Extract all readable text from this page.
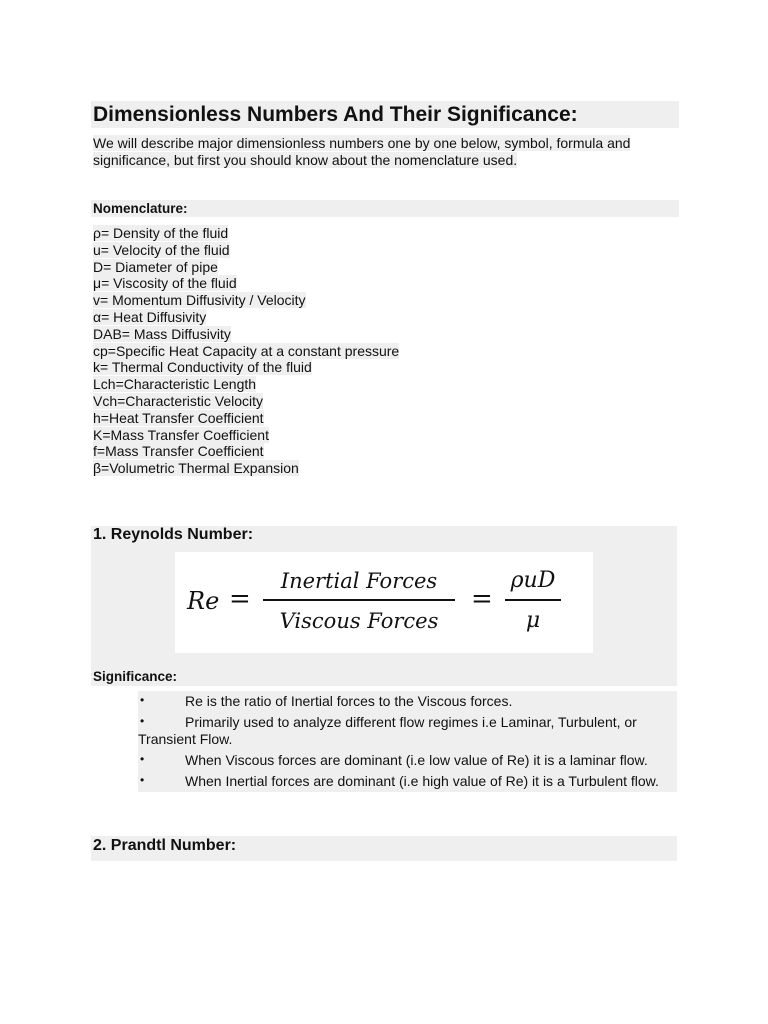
Dimensionless Numbers And Their Significance:
We will describe major dimensionless numbers one by one below, symbol, formula and significance, but first you should know about the nomenclature used.
Nomenclature:
ρ= Density of the fluid
u= Velocity of the fluid
D= Diameter of pipe
μ= Viscosity of the fluid
v= Momentum Diffusivity / Velocity
α= Heat Diffusivity
DAB= Mass Diffusivity
cp=Specific Heat Capacity at a constant pressure
k= Thermal Conductivity of the fluid
Lch=Characteristic Length
Vch=Characteristic Velocity
h=Heat Transfer Coefficient
K=Mass Transfer Coefficient
f=Mass Transfer Coefficient
β=Volumetric Thermal Expansion
1. Reynolds Number:
Re =
Inertial Forces
Viscous Forces
=
ρuD
μ
Significance:
•	Re is the ratio of Inertial forces to the Viscous forces.
•	Primarily used to analyze different flow regimes i.e Laminar, Turbulent, or Transient Flow.
•	When Viscous forces are dominant (i.e low value of Re) it is a laminar flow.
•	When Inertial forces are dominant (i.e high value of Re) it is a Turbulent flow.
2. Prandtl Number:
